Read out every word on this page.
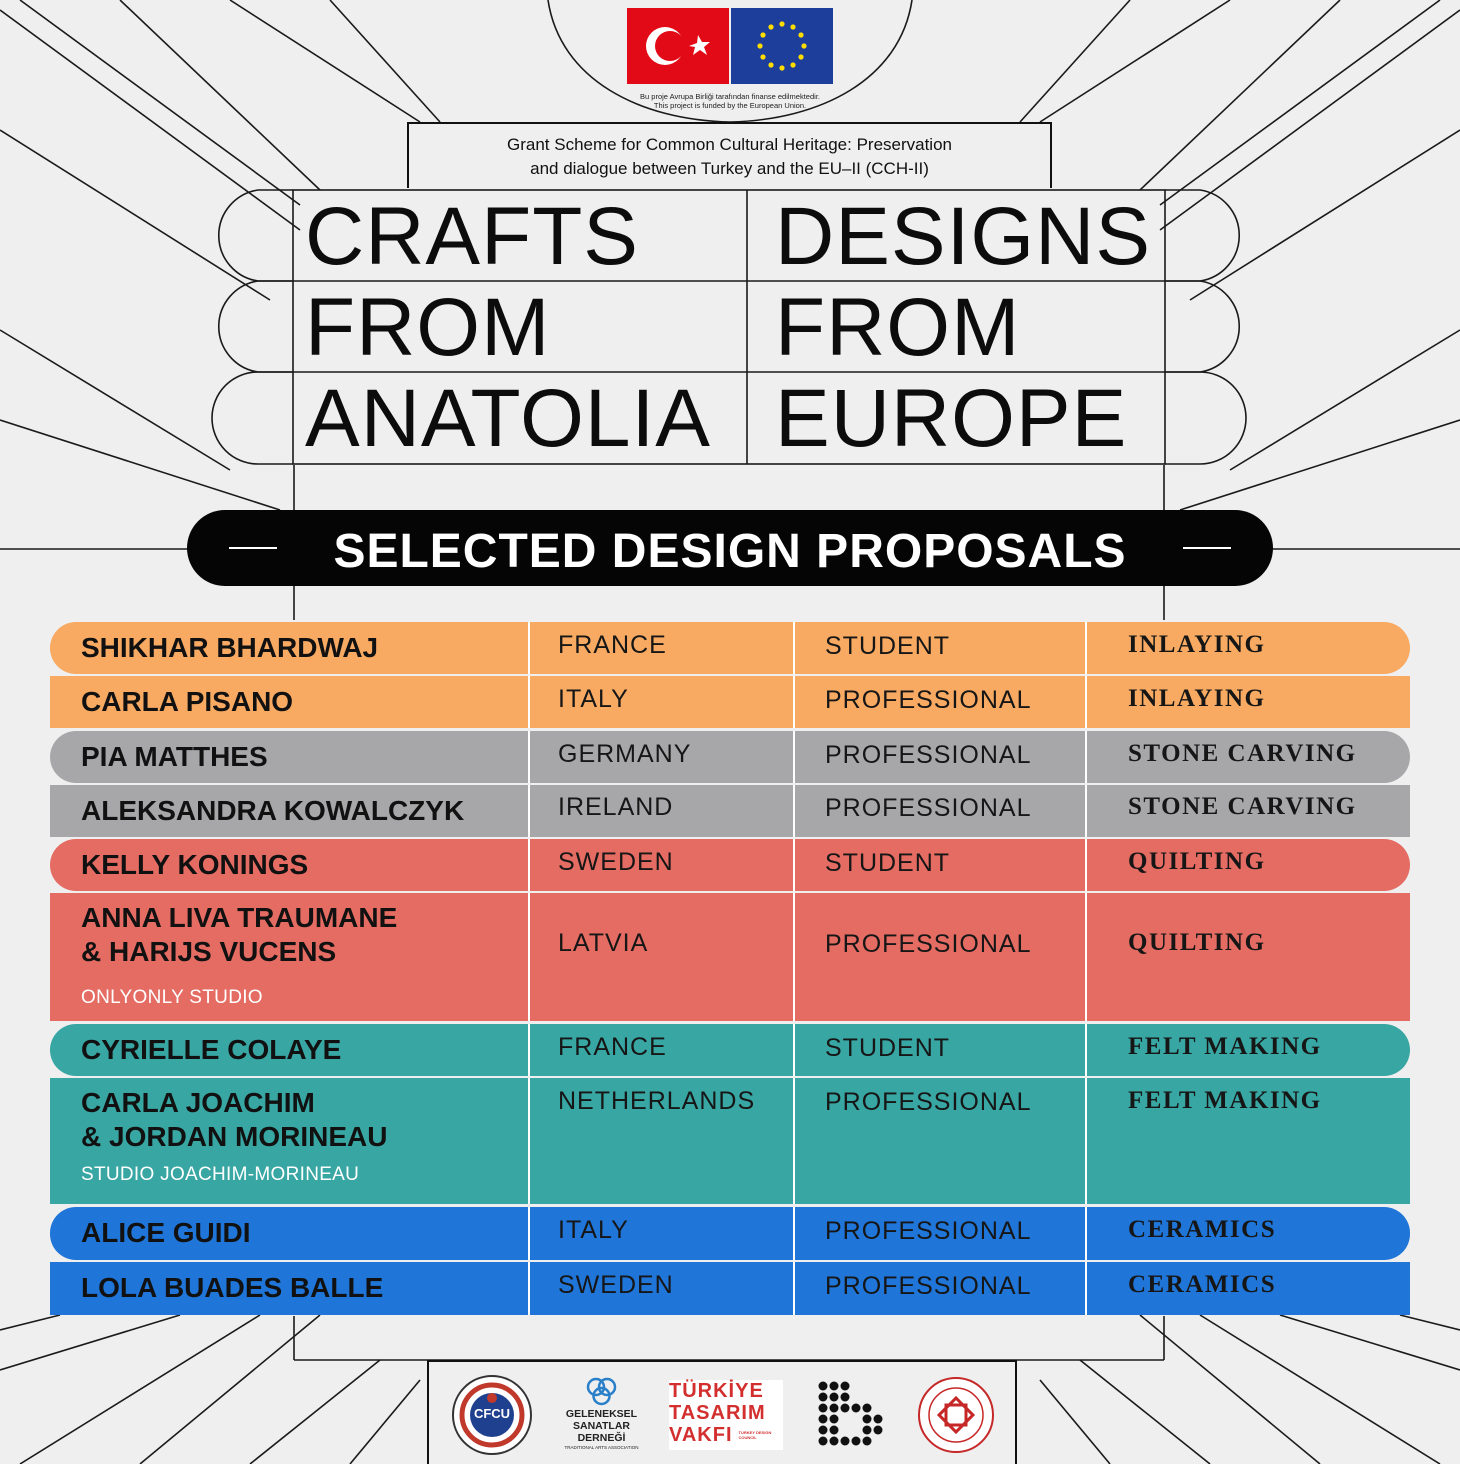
Bu proje Avrupa Birliği tarafından finanse edilmektedir.
This project is funded by the European Union.
Grant Scheme for Common Cultural Heritage: Preservation
and dialogue between Turkey and the EU–II (CCH-II)
CRAFTS
FROM
ANATOLIA
DESIGNS
FROM
EUROPE
SELECTED DESIGN PROPOSALS
SHIKHAR BHARDWAJ	FRANCE	STUDENT	INLAYING
CARLA PISANO	ITALY	PROFESSIONAL	INLAYING
PIA MATTHES	GERMANY	PROFESSIONAL	STONE CARVING
ALEKSANDRA KOWALCZYK	IRELAND	PROFESSIONAL	STONE CARVING
KELLY KONINGS	SWEDEN	STUDENT	QUILTING
ANNA LIVA TRAUMANE
& HARIJS VUCENS
ONLYONLY STUDIO
LATVIA	PROFESSIONAL	QUILTING
CYRIELLE COLAYE	FRANCE	STUDENT	FELT MAKING
CARLA JOACHIM
& JORDAN MORINEAU
STUDIO JOACHIM-MORINEAU
NETHERLANDS	PROFESSIONAL	FELT MAKING
ALICE GUIDI	ITALY	PROFESSIONAL	CERAMICS
LOLA BUADES BALLE	SWEDEN	PROFESSIONAL	CERAMICS
CFCU	GELENEKSEL
SANATLAR
DERNEĞİ
TRADITIONAL ARTS ASSOCIATION
TÜRKİYE
TASARIM
VAKFI TURKEY DESIGN COUNCIL
